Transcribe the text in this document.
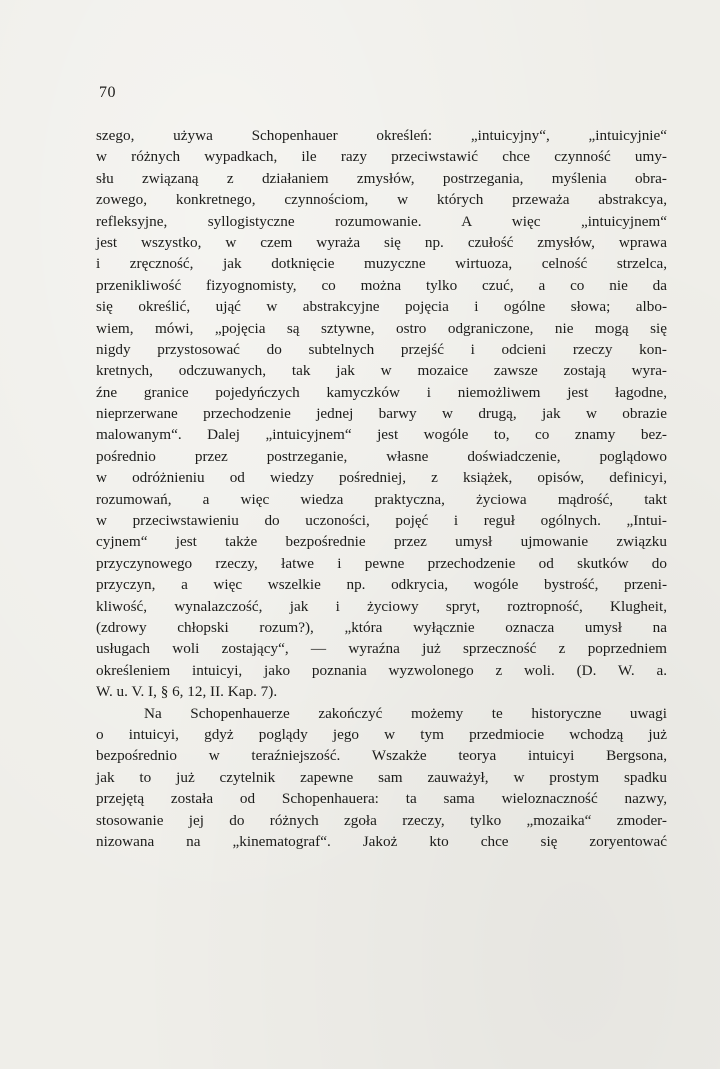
70
szego, używa Schopenhauer określeń: „intuicyjny“, „intuicyjnie“
w różnych wypadkach, ile razy przeciwstawić chce czynność umy-
słu związaną z działaniem zmysłów, postrzegania, myślenia obra-
zowego, konkretnego, czynnościom, w których przeważa abstrakcya,
refleksyjne, syllogistyczne rozumowanie. A więc „intuicyjnem“
jest wszystko, w czem wyraża się np. czułość zmysłów, wprawa
i zręczność, jak dotknięcie muzyczne wirtuoza, celność strzelca,
przenikliwość fizyognomisty, co można tylko czuć, a co nie da
się określić, ująć w abstrakcyjne pojęcia i ogólne słowa; albo-
wiem, mówi, „pojęcia są sztywne, ostro odgraniczone, nie mogą się
nigdy przystosować do subtelnych przejść i odcieni rzeczy kon-
kretnych, odczuwanych, tak jak w mozaice zawsze zostają wyra-
źne granice pojedyńczych kamyczków i niemożliwem jest łagodne,
nieprzerwane przechodzenie jednej barwy w drugą, jak w obrazie
malowanym“. Dalej „intuicyjnem“ jest wogóle to, co znamy bez-
pośrednio przez postrzeganie, własne doświadczenie, poglądowo
w odróżnieniu od wiedzy pośredniej, z książek, opisów, definicyi,
rozumowań, a więc wiedza praktyczna, życiowa mądrość, takt
w przeciwstawieniu do uczoności, pojęć i reguł ogólnych. „Intui-
cyjnem“ jest także bezpośrednie przez umysł ujmowanie związku
przyczynowego rzeczy, łatwe i pewne przechodzenie od skutków do
przyczyn, a więc wszelkie np. odkrycia, wogóle bystrość, przeni-
kliwość, wynalazczość, jak i życiowy spryt, roztropność, Klugheit,
(zdrowy chłopski rozum?), „która wyłącznie oznacza umysł na
usługach woli zostający“, — wyraźna już sprzeczność z poprzedniem
określeniem intuicyi, jako poznania wyzwolonego z woli. (D. W. a.
W. u. V. I, § 6, 12, II. Kap. 7).
Na Schopenhauerze zakończyć możemy te historyczne uwagi
o intuicyi, gdyż poglądy jego w tym przedmiocie wchodzą już
bezpośrednio w teraźniejszość. Wszakże teorya intuicyi Bergsona,
jak to już czytelnik zapewne sam zauważył, w prostym spadku
przejętą została od Schopenhauera: ta sama wieloznaczność nazwy,
stosowanie jej do różnych zgoła rzeczy, tylko „mozaika“ zmoder-
nizowana na „kinematograf“. Jakoż kto chce się zoryentować
